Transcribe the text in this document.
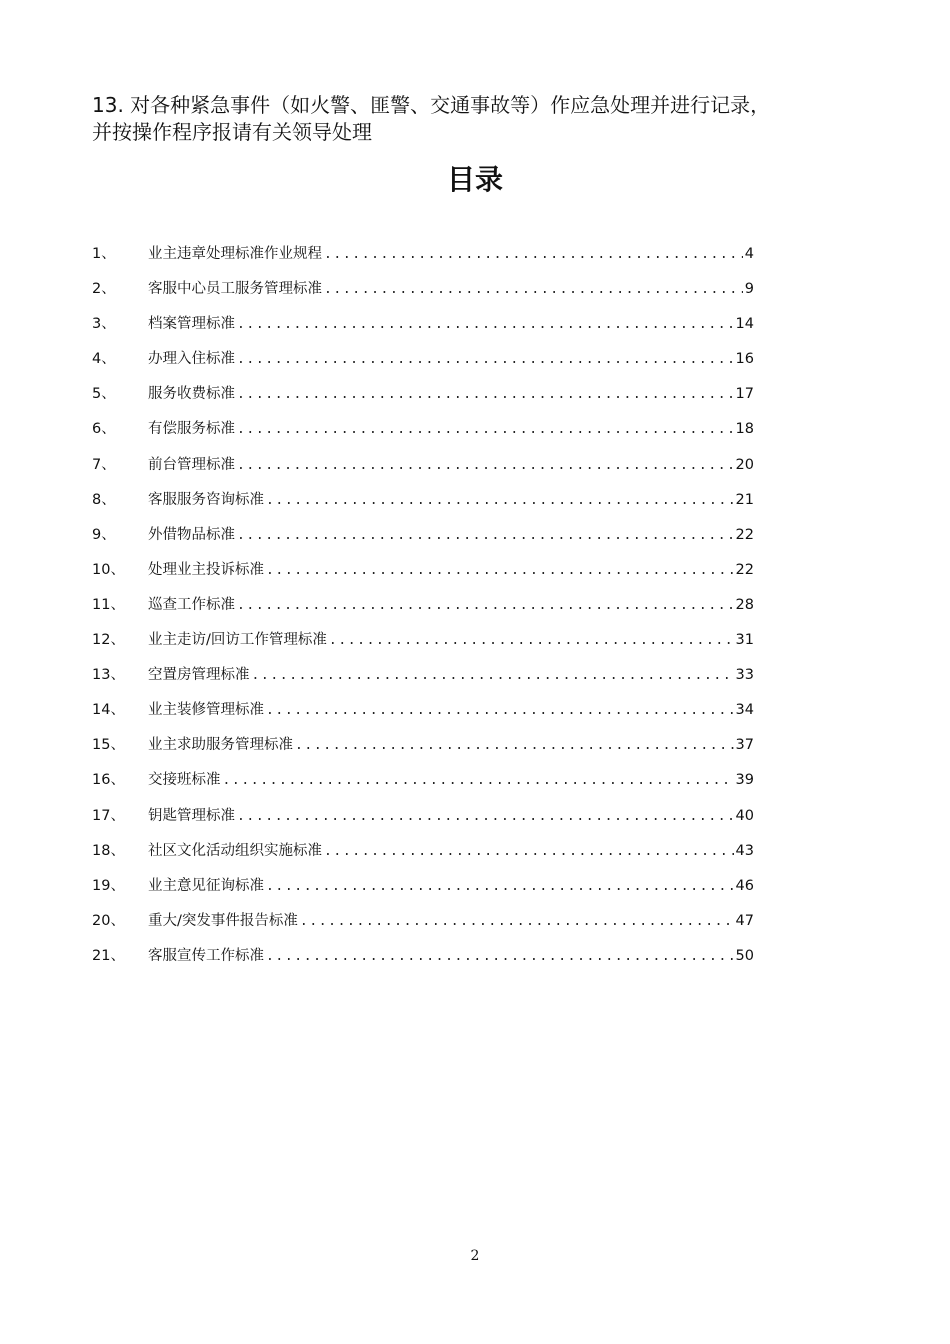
13. 对各种紧急事件（如火警、匪警、交通事故等）作应急处理并进行记录，
并按操作程序报请有关领导处理
目录
1、	业主违章处理标准作业规程 .....	4
2、	客服中心员工服务管理标准 .....	9
3、	档案管理标准 .....	14
4、	办理入住标准 .....	16
5、	服务收费标准 .....	17
6、	有偿服务标准 .....	18
7、	前台管理标准 .....	20
8、	客服服务咨询标准 .....	21
9、	外借物品标准 .....	22
10、	处理业主投诉标准 .....	22
11、	巡查工作标准 .....	28
12、	业主走访/回访工作管理标准 .....	31
13、	空置房管理标准 .....	33
14、	业主装修管理标准 .....	34
15、	业主求助服务管理标准 .....	37
16、	交接班标准 .....	39
17、	钥匙管理标准 .....	40
18、	社区文化活动组织实施标准 .....	43
19、	业主意见征询标准 .....	46
20、	重大/突发事件报告标准 .....	47
21、	客服宣传工作标准 .....	50
2
